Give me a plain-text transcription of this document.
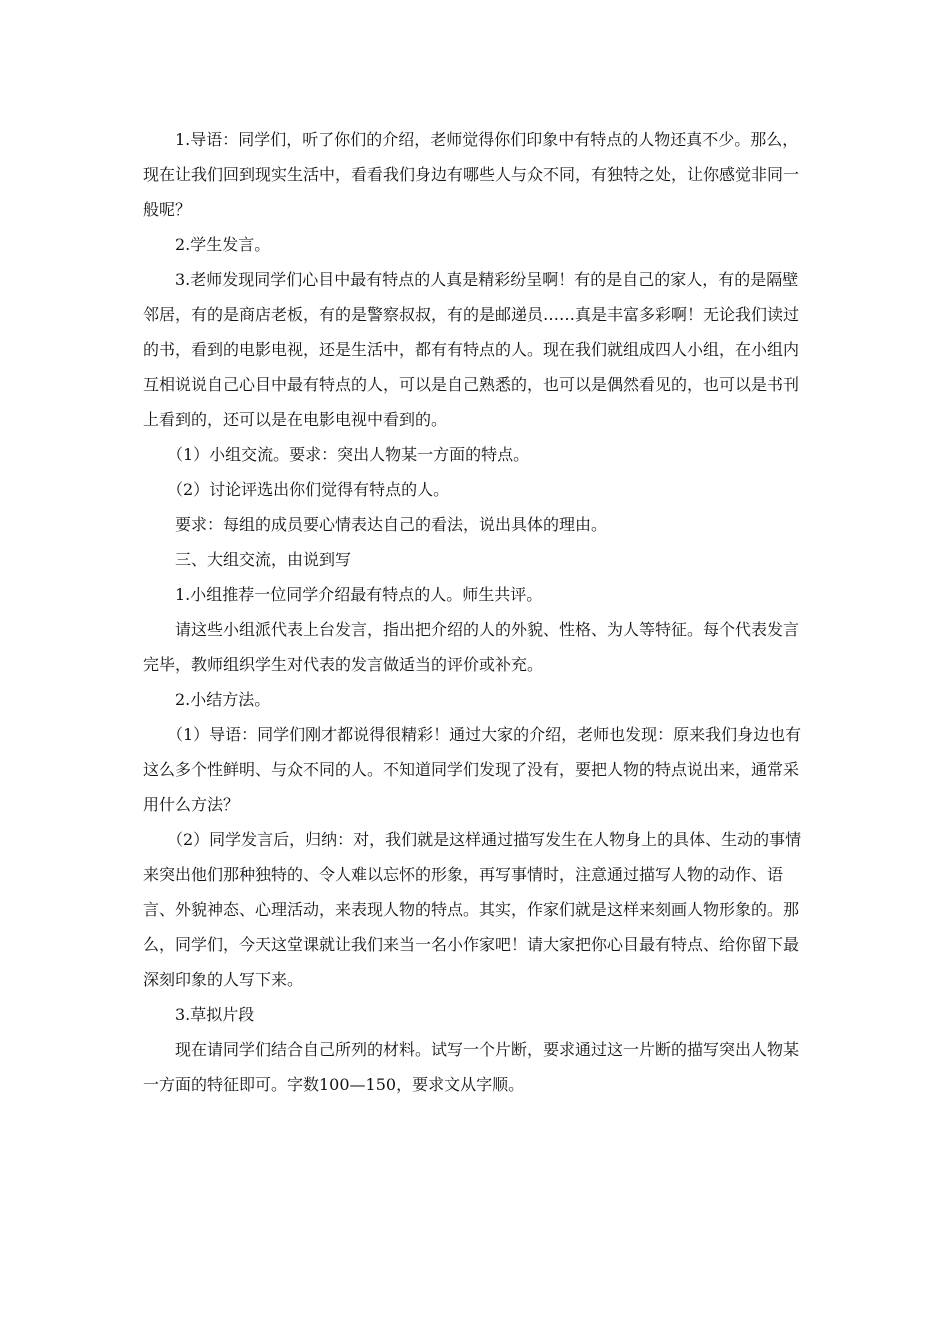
1.导语：同学们，听了你们的介绍，老师觉得你们印象中有特点的人物还真不少。那么，现在让我们回到现实生活中，看看我们身边有哪些人与众不同，有独特之处，让你感觉非同一般呢？

2.学生发言。

3.老师发现同学们心目中最有特点的人真是精彩纷呈啊！有的是自己的家人，有的是隔壁邻居，有的是商店老板，有的是警察叔叔，有的是邮递员……真是丰富多彩啊！无论我们读过的书，看到的电影电视，还是生活中，都有有特点的人。现在我们就组成四人小组，在小组内互相说说自己心目中最有特点的人，可以是自己熟悉的，也可以是偶然看见的，也可以是书刊上看到的，还可以是在电影电视中看到的。

（1）小组交流。要求：突出人物某一方面的特点。

（2）讨论评选出你们觉得有特点的人。

要求：每组的成员要心情表达自己的看法，说出具体的理由。

三、大组交流，由说到写

1.小组推荐一位同学介绍最有特点的人。师生共评。

请这些小组派代表上台发言，指出把介绍的人的外貌、性格、为人等特征。每个代表发言完毕，教师组织学生对代表的发言做适当的评价或补充。

2.小结方法。

（1）导语：同学们刚才都说得很精彩！通过大家的介绍，老师也发现：原来我们身边也有这么多个性鲜明、与众不同的人。不知道同学们发现了没有，要把人物的特点说出来，通常采用什么方法？

（2）同学发言后，归纳：对，我们就是这样通过描写发生在人物身上的具体、生动的事情来突出他们那种独特的、令人难以忘怀的形象，再写事情时，注意通过描写人物的动作、语言、外貌神态、心理活动，来表现人物的特点。其实，作家们就是这样来刻画人物形象的。那么，同学们，今天这堂课就让我们来当一名小作家吧！请大家把你心目最有特点、给你留下最深刻印象的人写下来。

3.草拟片段

现在请同学们结合自己所列的材料。试写一个片断，要求通过这一片断的描写突出人物某一方面的特征即可。字数100—150，要求文从字顺。
